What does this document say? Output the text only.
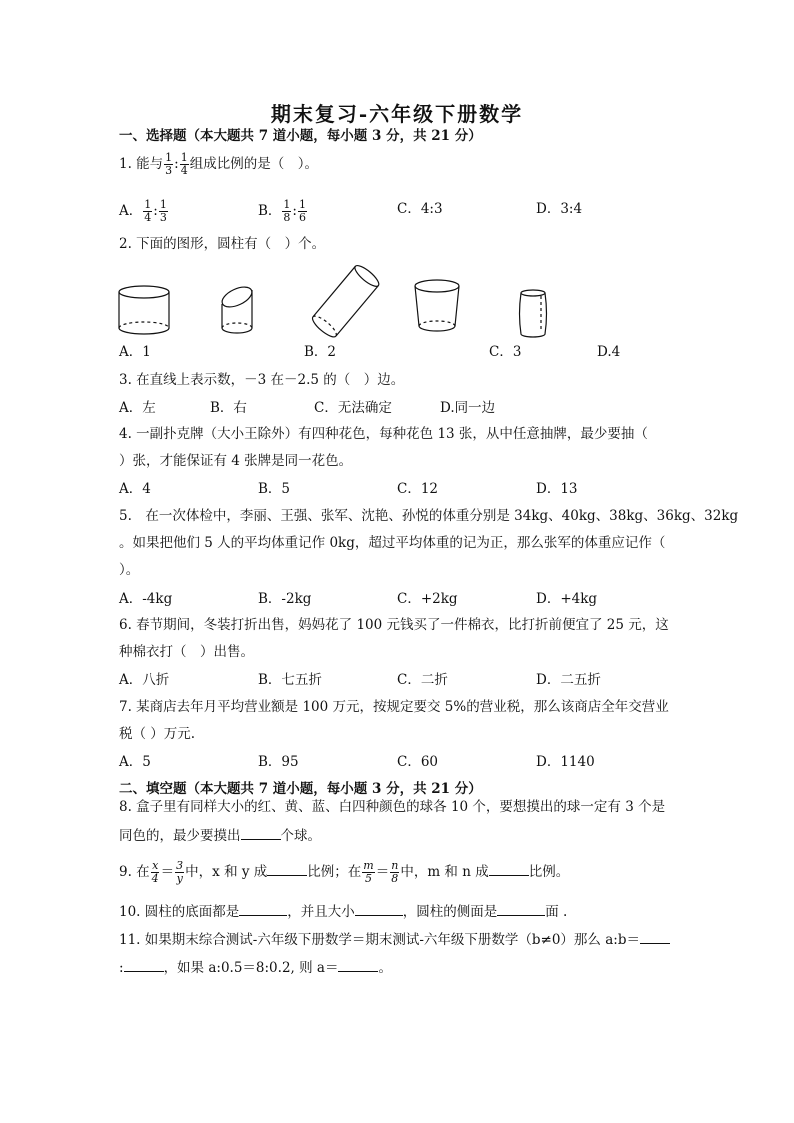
期末复习-六年级下册数学
一、选择题（本大题共 7 道小题，每小题 3 分，共 21 分）
1. 能与 $\frac{1}{3}$ : $\frac{1}{4}$ 组成比例的是（　）。
A． $\frac{1}{4}$ : $\frac{1}{3}$	B． $\frac{1}{8}$ : $\frac{1}{6}$	C．4:3	D．3:4
2. 下面的图形，圆柱有（　）个。
A．1	B．2	C．3	D.4
3. 在直线上表示数，－3 在－2.5 的（　）边。
A．左	B．右	C．无法确定	D.同一边
4. 一副扑克牌（大小王除外）有四种花色，每种花色 13 张，从中任意抽牌，最少要抽（
）张，才能保证有 4 张牌是同一花色。
A．4	B．5	C．12	D．13
5.　在一次体检中，李丽、王强、张军、沈艳、孙悦的体重分别是 34kg、40kg、38kg、36kg、32kg
。如果把他们 5 人的平均体重记作 0kg，超过平均体重的记为正，那么张军的体重应记作（
）。
A．-4kg	B．-2kg	C．+2kg	D．+4kg
6. 春节期间，冬装打折出售，妈妈花了 100 元钱买了一件棉衣，比打折前便宜了 25 元，这
种棉衣打（　）出售。
A．八折	B．七五折	C．二折	D．二五折
7. 某商店去年月平均营业额是 100 万元，按规定要交 5%的营业税，那么该商店全年交营业
税（ ）万元.
A．5	B．95	C．60	D．1140
二、填空题（本大题共 7 道小题，每小题 3 分，共 21 分）
8. 盒子里有同样大小的红、黄、蓝、白四种颜色的球各 10 个，要想摸出的球一定有 3 个是
同色的，最少要摸出	个球。
9. 在 $\frac{x}{4} = \frac{3}{y}$ 中，x 和 y 成	比例；在 $\frac{m}{5} = \frac{n}{8}$ 中，m 和 n 成	比例。
10. 圆柱的底面都是	，并且大小	，圆柱的侧面是	面 .
11. 如果期末综合测试-六年级下册数学＝期末测试-六年级下册数学（b≠0）那么 a:b＝
:	，如果 a:0.5＝8:0.2, 则 a＝	。
